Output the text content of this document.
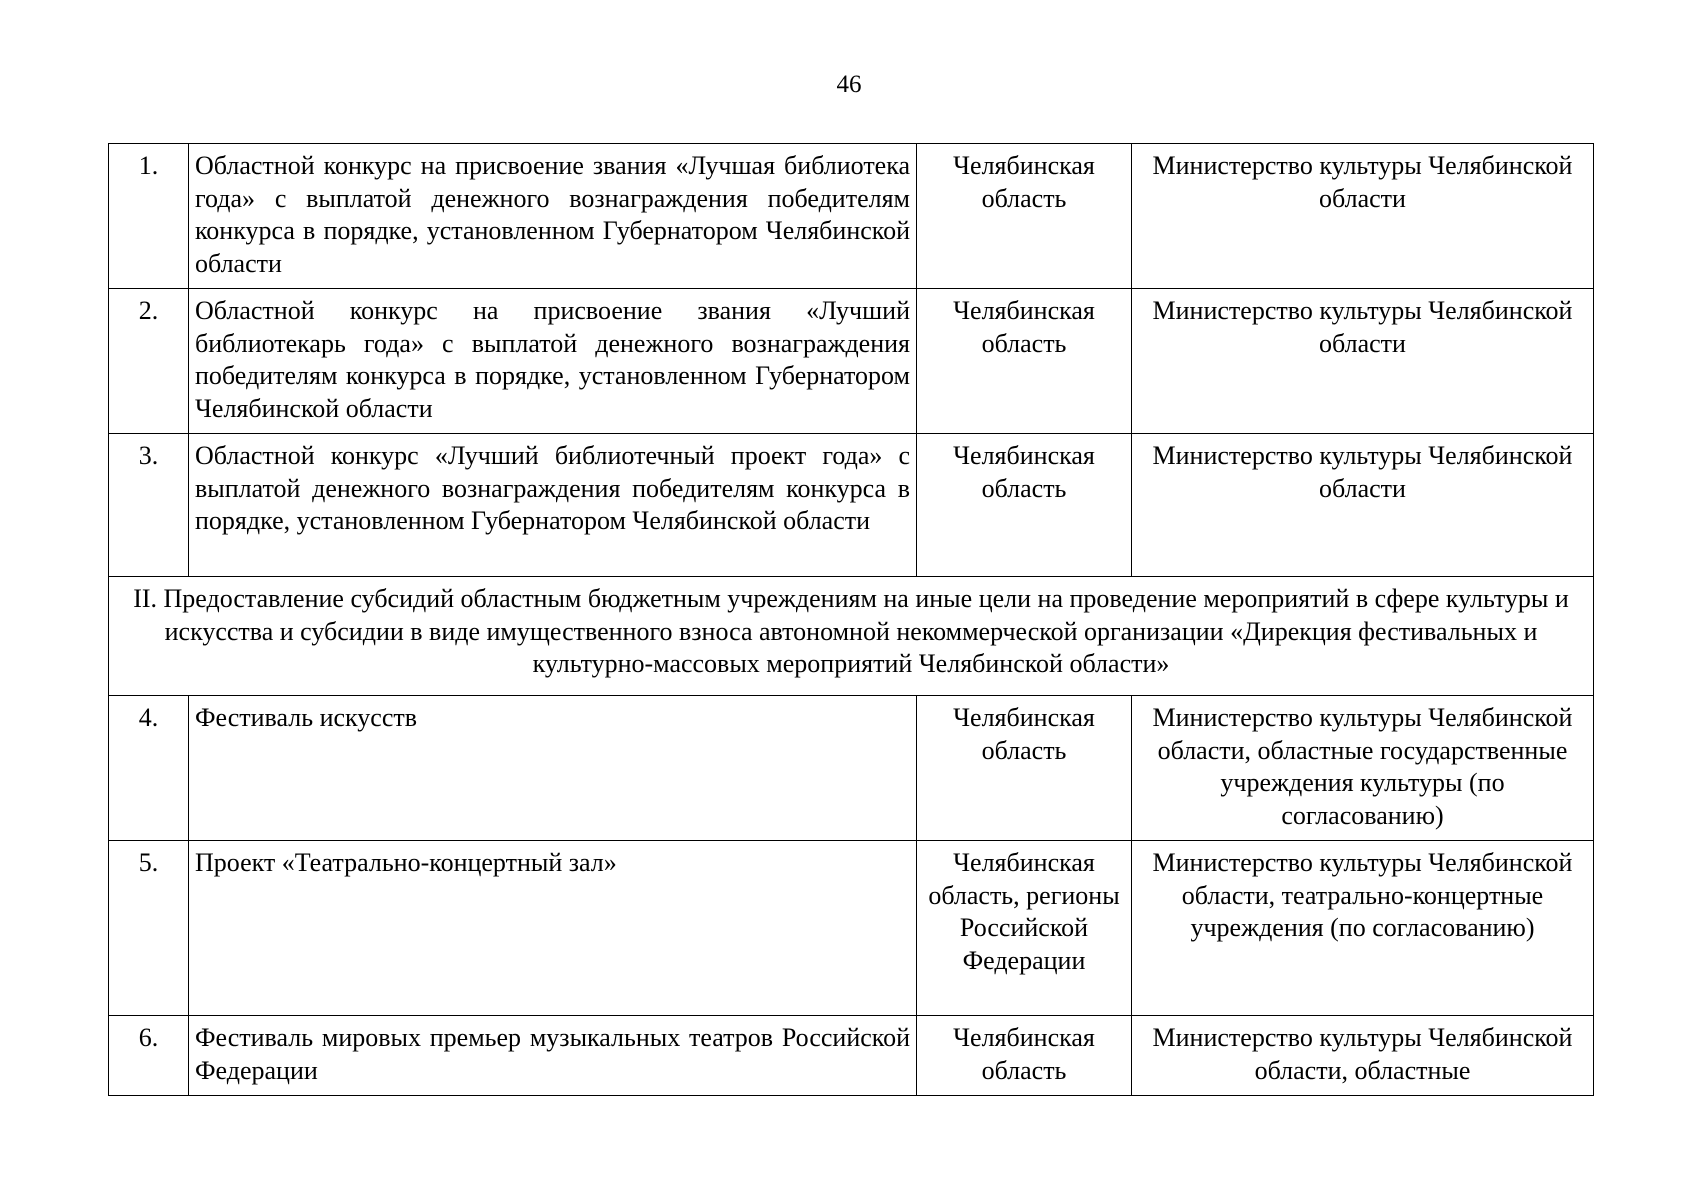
46
1.	Областной конкурс на присвоение звания «Лучшая библиотека года» с выплатой денежного вознаграждения победителям конкурса в порядке, установленном Губернатором Челябинской области	Челябинская область	Министерство культуры Челябинской области
2.	Областной конкурс на присвоение звания «Лучший библиотекарь года» с выплатой денежного вознаграждения победителям конкурса в порядке, установленном Губернатором Челябинской области	Челябинская область	Министерство культуры Челябинской области
3.	Областной конкурс «Лучший библиотечный проект года» с выплатой денежного вознаграждения победителям конкурса в порядке, установленном Губернатором Челябинской области	Челябинская область	Министерство культуры Челябинской области
II. Предоставление субсидий областным бюджетным учреждениям на иные цели на проведение мероприятий в сфере культуры и искусства и субсидии в виде имущественного взноса автономной некоммерческой организации «Дирекция фестивальных и культурно-массовых мероприятий Челябинской области»			
4.	Фестиваль искусств	Челябинская область	Министерство культуры Челябинской области, областные государственные учреждения культуры (по согласованию)
5.	Проект «Театрально-концертный зал»	Челябинская область, регионы Российской Федерации	Министерство культуры Челябинской области, театрально-концертные учреждения (по согласованию)
6.	Фестиваль мировых премьер музыкальных театров Российской Федерации	Челябинская область	Министерство культуры Челябинской области, областные
